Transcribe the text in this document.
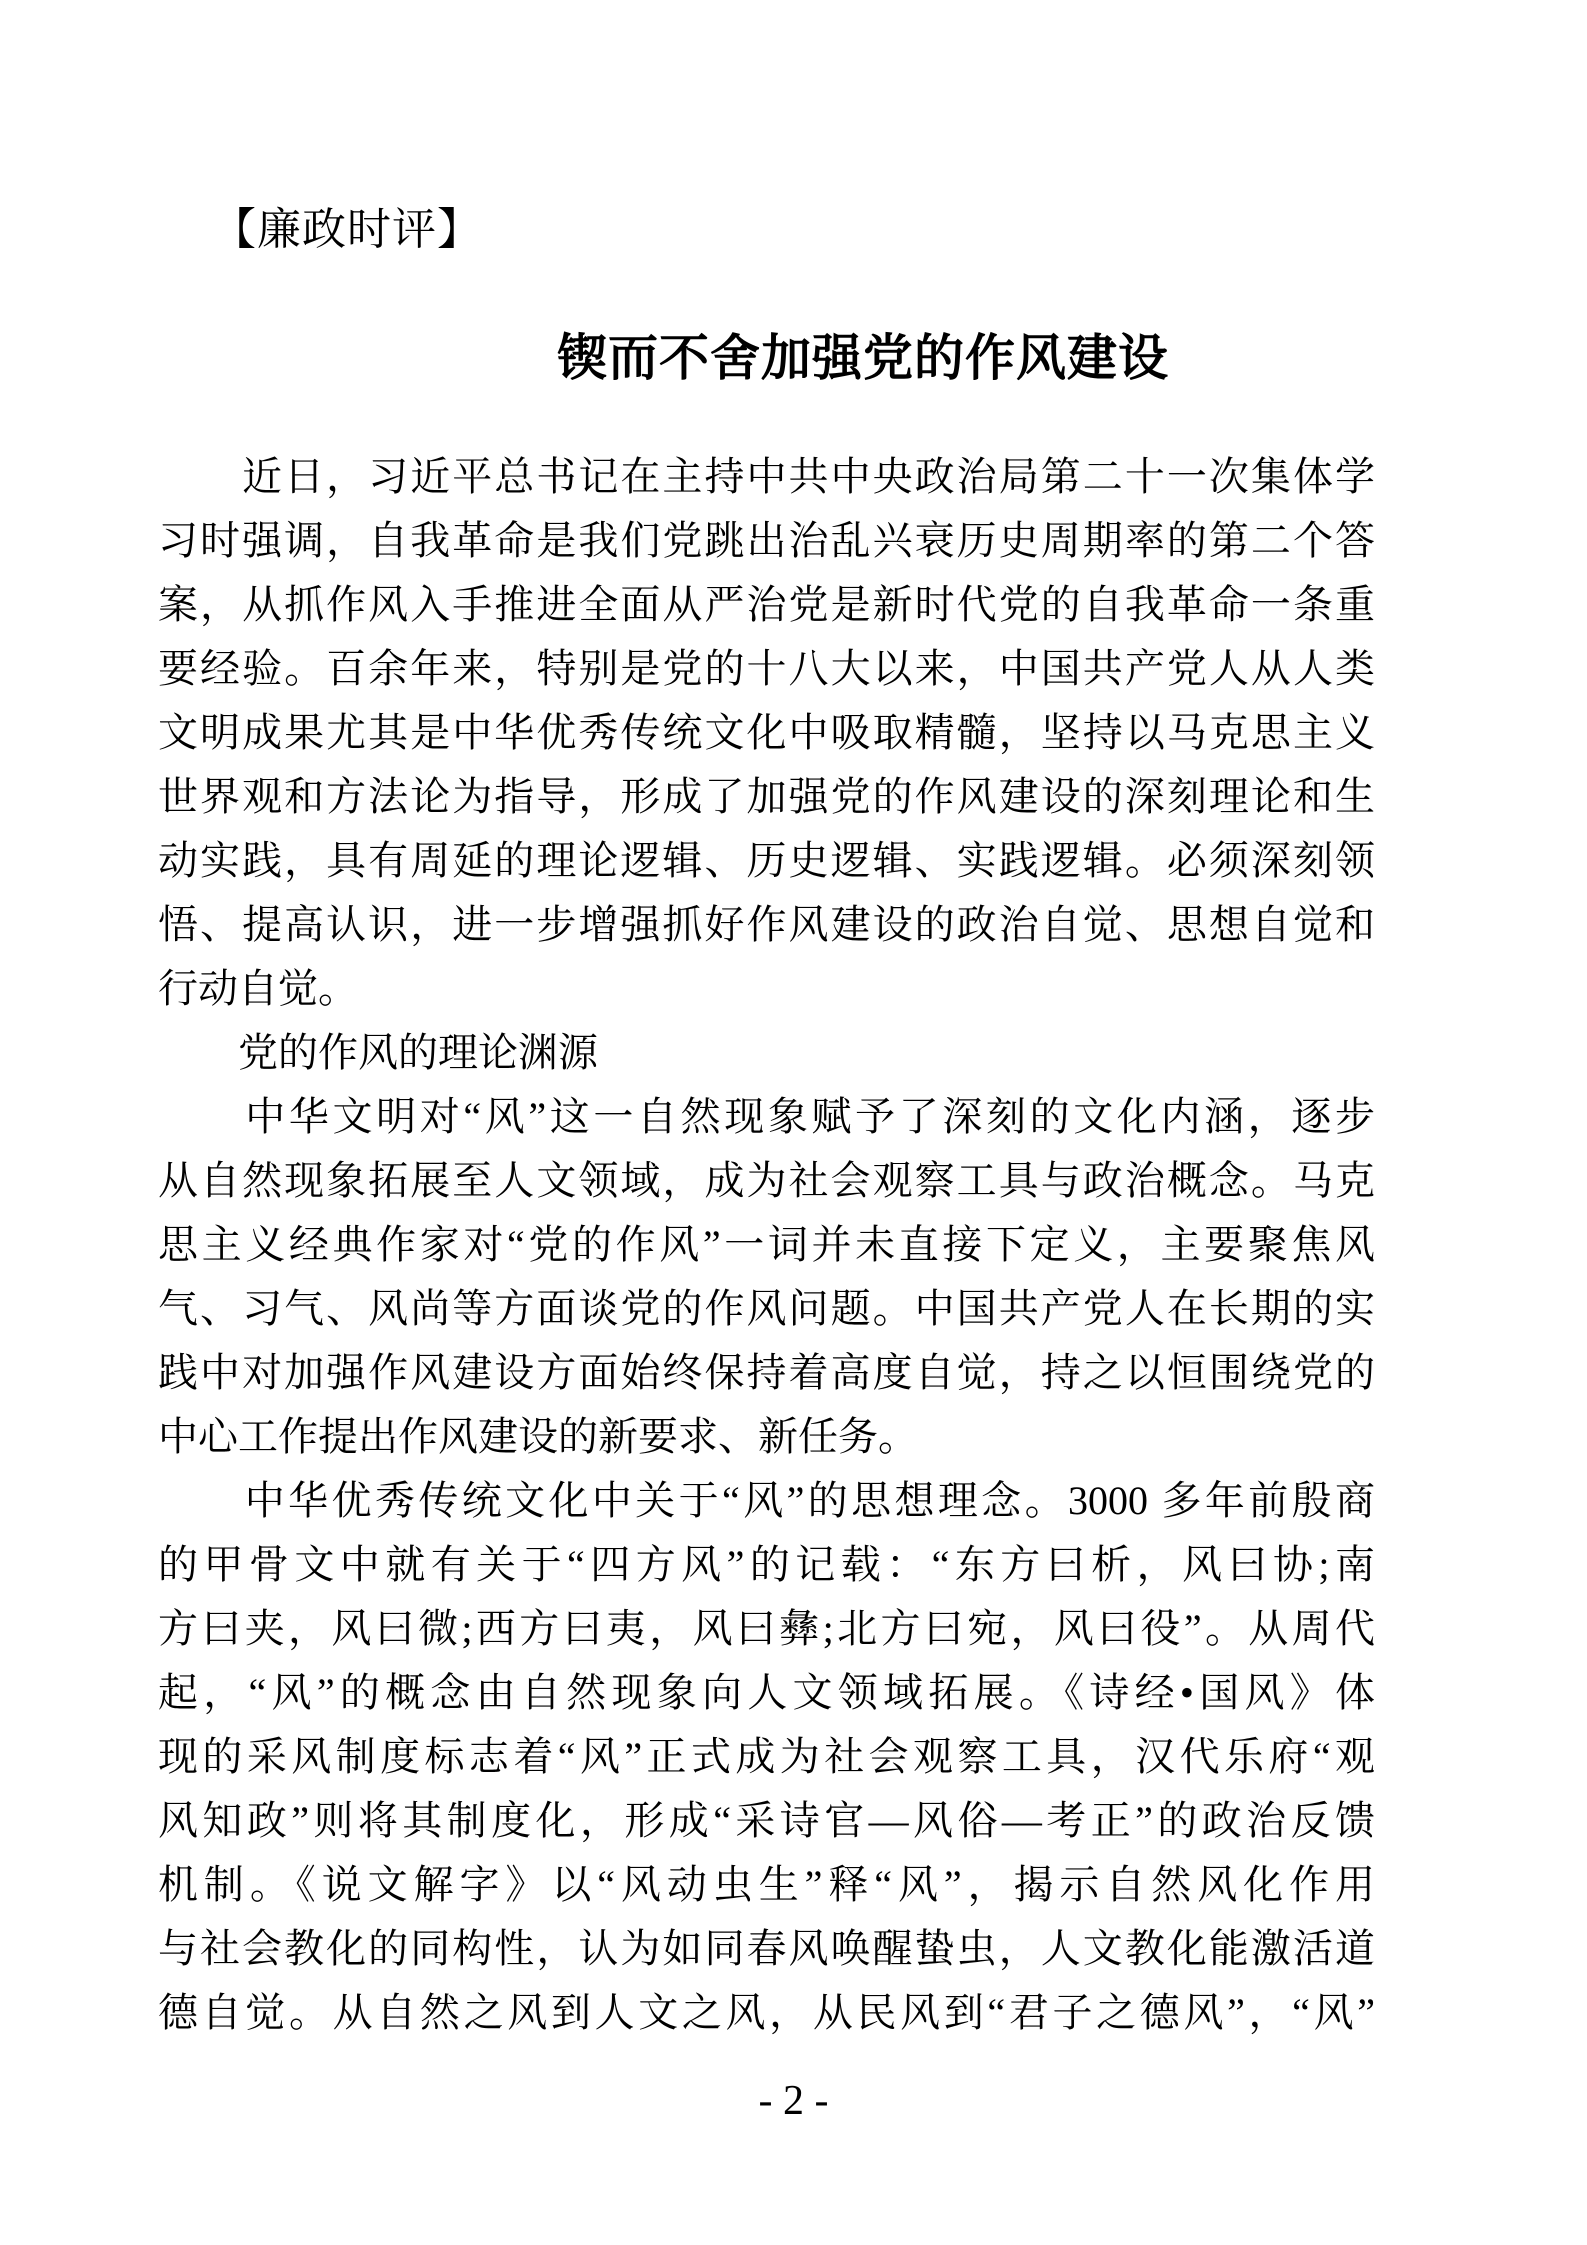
【廉政时评】
锲而不舍加强党的作风建设
　　近日，习近平总书记在主持中共中央政治局第二十一次集体学
习时强调，自我革命是我们党跳出治乱兴衰历史周期率的第二个答
案，从抓作风入手推进全面从严治党是新时代党的自我革命一条重
要经验。百余年来，特别是党的十八大以来，中国共产党人从人类
文明成果尤其是中华优秀传统文化中吸取精髓，坚持以马克思主义
世界观和方法论为指导，形成了加强党的作风建设的深刻理论和生
动实践，具有周延的理论逻辑、历史逻辑、实践逻辑。必须深刻领
悟、提高认识，进一步增强抓好作风建设的政治自觉、思想自觉和
行动自觉。
　　党的作风的理论渊源
　　中华文明对“风”这一自然现象赋予了深刻的文化内涵，逐步
从自然现象拓展至人文领域，成为社会观察工具与政治概念。马克
思主义经典作家对“党的作风”一词并未直接下定义，主要聚焦风
气、习气、风尚等方面谈党的作风问题。中国共产党人在长期的实
践中对加强作风建设方面始终保持着高度自觉，持之以恒围绕党的
中心工作提出作风建设的新要求、新任务。
　　中华优秀传统文化中关于“风”的思想理念。3000 多年前殷商
的甲骨文中就有关于“四方风”的记载：“东方曰析，风曰协;南
方曰夹，风曰微;西方曰夷，风曰彝;北方曰宛，风曰役”。从周代
起，“风”的概念由自然现象向人文领域拓展。《诗经•国风》体
现的采风制度标志着“风”正式成为社会观察工具，汉代乐府“观
风知政”则将其制度化，形成“采诗官—风俗—考正”的政治反馈
机制。《说文解字》以“风动虫生”释“风”，揭示自然风化作用
与社会教化的同构性，认为如同春风唤醒蛰虫，人文教化能激活道
德自觉。从自然之风到人文之风，从民风到“君子之德风”，“风”
- 2 -
